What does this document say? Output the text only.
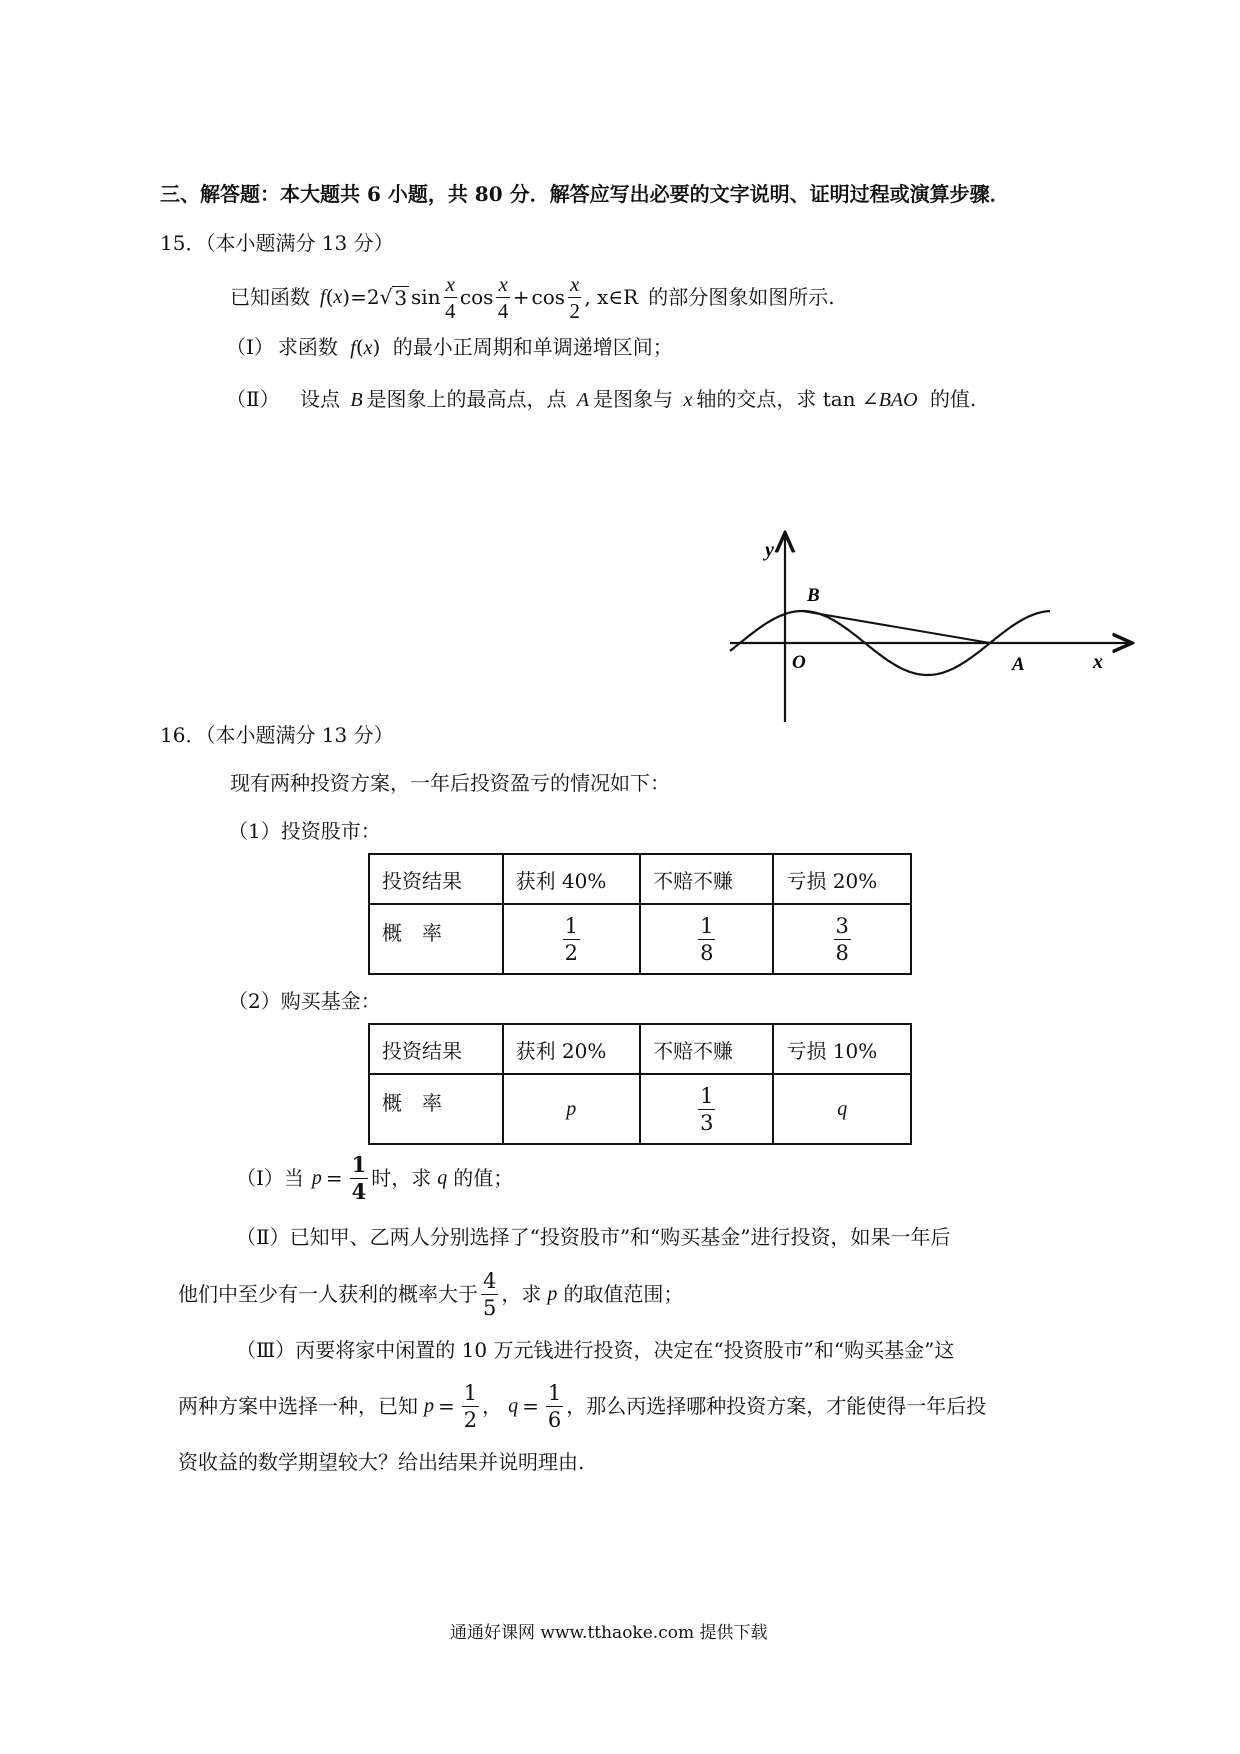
三、解答题：本大题共 6 小题，共 80 分．解答应写出必要的文字说明、证明过程或演算步骤．
15．（本小题满分 13 分）
已知函数 f ( x ) =2 √ 3 $\sin \frac{x}{4}$ $\cos \frac{x}{4} + \cos \frac{x}{2}$ , x∈R 的部分图象如图所示.
（Ⅰ） 求函数 f(x) 的最小正周期和单调递增区间；
（Ⅱ） 设点 B 是图象上的最高点，点 A 是图象与 x 轴的交点，求 tan ∠BAO 的值.
y
x
O	A
B
16．（本小题满分 13 分）
现有两种投资方案，一年后投资盈亏的情况如下：
（1）投资股市：
投资结果	获利 40%	不赔不赚	亏损 20%
概　率	$\frac{1}{2}$	$\frac{1}{8}$	$\frac{3}{8}$
（2）购买基金：
投资结果	获利 20%	不赔不赚	亏损 10%
概　率	p	$\frac{1}{3}$	q
（Ⅰ）当 $p = \frac{1}{4}$ 时，求 q 的值；
（Ⅱ）已知甲、乙两人分别选择了“投资股市”和“购买基金”进行投资，如果一年后
他们中至少有一人获利的概率大于 $\frac{4}{5}$ ，求 p 的取值范围；
（Ⅲ）丙要将家中闲置的 10 万元钱进行投资，决定在“投资股市”和“购买基金”这
两种方案中选择一种，已知 $p = \frac{1}{2}$ ， $q = \frac{1}{6}$ ，那么丙选择哪种投资方案，才能使得一年后投
资收益的数学期望较大？给出结果并说明理由.
通通好课网 www.tthaoke.com 提供下载
